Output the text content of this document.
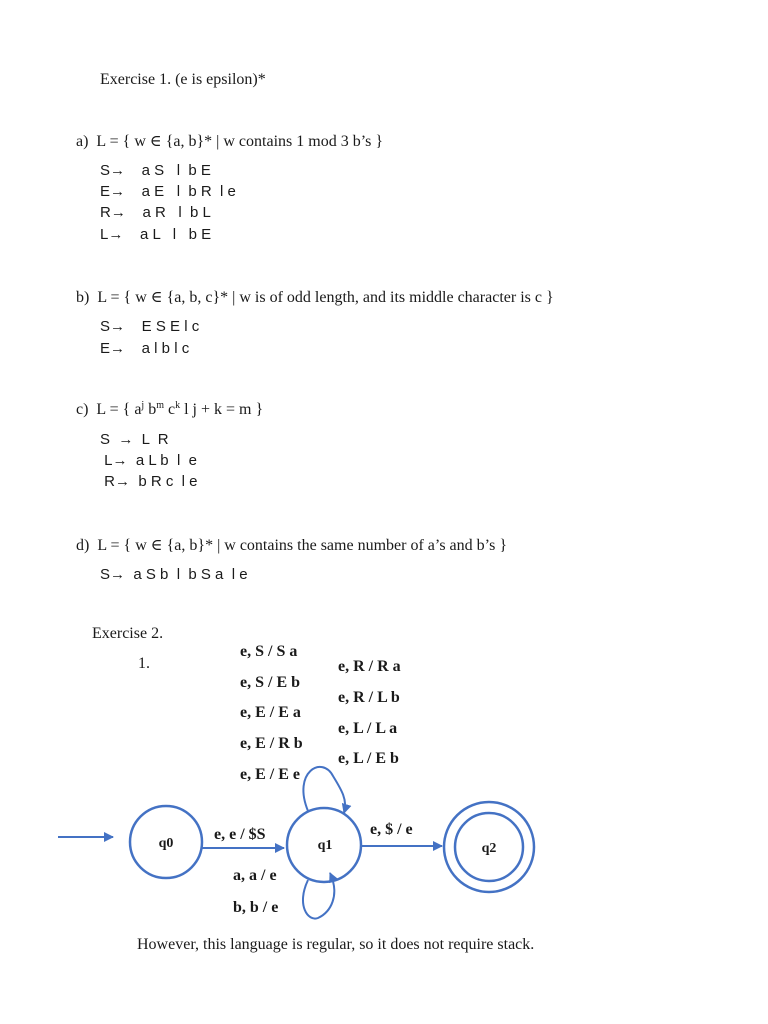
Exercise 1. (e is epsilon)*
a)  L = { w ∈ {a, b}* | w contains 1 mod 3 b’s }
S→    a S   l  b E
E→    a E   l  b R  l e
R→    a R   l  b L
L→    a L   l   b E
b)  L = { w ∈ {a, b, c}* | w is of odd length, and its middle character is c }
S→    E S E l c
E→    a l b l c
c)  L = { $a^j$ $b^m$ $c^k$ l j + k = m }
S  →  L  R
L→  a L b  l  e
R→  b R c  l e
d)  L = { w ∈ {a, b}* | w contains the same number of a’s and b’s }
S→  a S b  l  b S a  l e
Exercise 2.
1.
q0	q1	q2
e, S / S a
e, S / E b
e, E / E a
e, E / R b
e, E / E e
e, R / R a
e, R / L b
e, L / L a
e, L / E b
e, e / $S	e, $ / e
a, a / e
b, b / e
However, this language is regular, so it does not require stack.
